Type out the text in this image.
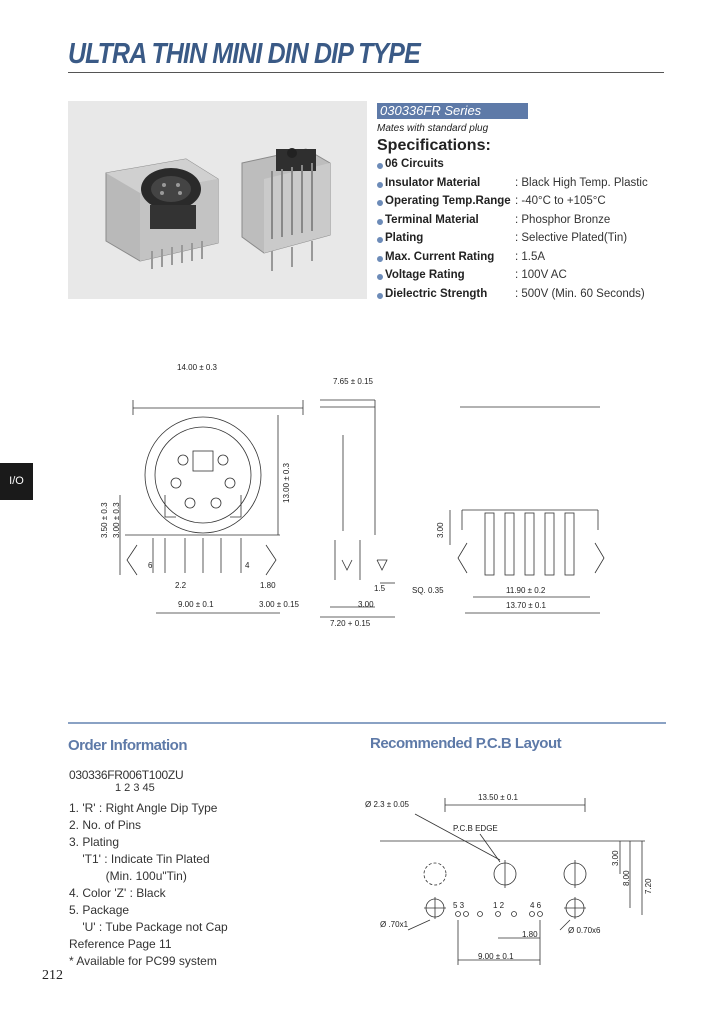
ULTRA THIN MINI DIN DIP TYPE
030336FR Series
Mates with standard plug
Specifications:
06 Circuits
Insulator Material	: Black High Temp. Plastic
Operating Temp.Range : -40°C to +105°C
Terminal Material	: Phosphor Bronze
Plating	: Selective Plated(Tin)
Max. Current Rating : 1.5A
Voltage Rating	: 100V AC
Dielectric Strength : 500V (Min. 60 Seconds)
I/O
14.00 ± 0.3
7.65 ± 0.15
13.00 ± 0.3
3.50 ± 0.3 3.00 ± 0.3	3.00
6	4
2.2	1.80
9.00 ± 0.1	3.00 ± 0.15
1.5	SQ. 0.35
3.00
7.20 + 0.15
11.90 ± 0.2
13.70 ± 0.1
Order Information
030336FR006T100ZU
1 2 3 45
1. 'R' : Right Angle Dip Type
2. No. of Pins
3. Plating
'T1' : Indicate Tin Plated
(Min. 100u"Tin)
4. Color 'Z' : Black
5. Package
'U' : Tube Package not Cap
Reference Page 11
* Available for PC99 system
Recommended P.C.B Layout
Ø 2.3 ± 0.05
13.50 ± 0.1
P.C.B EDGE
3.00
8.00
7.20
5 3	1 2	4 6
Ø .70x1
Ø 0.70x6
1.80
9.00 ± 0.1
212
